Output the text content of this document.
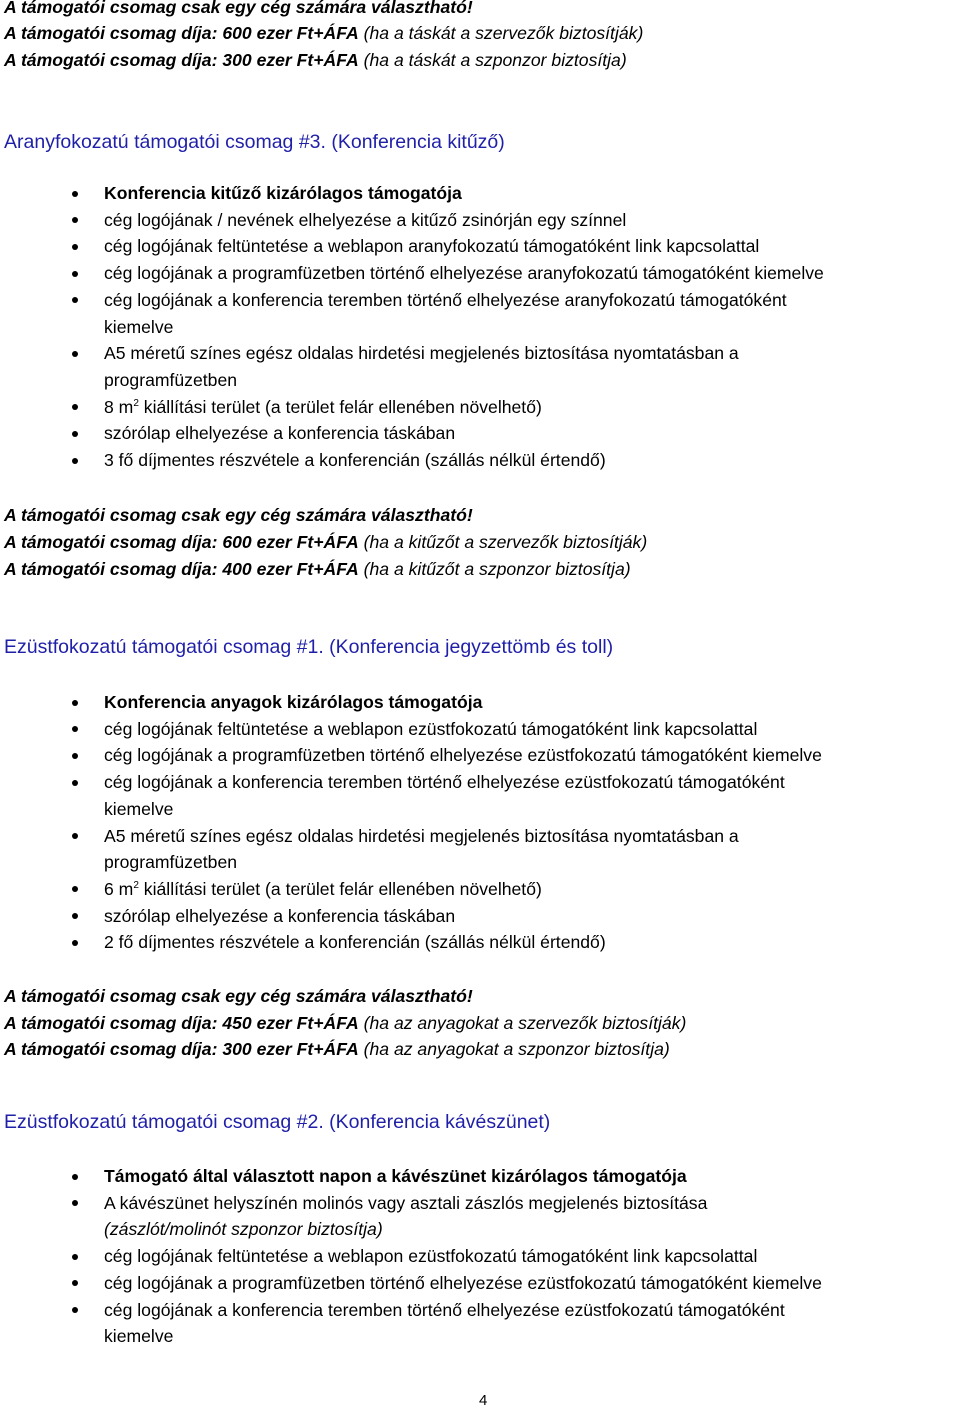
A támogatói csomag csak egy cég számára választható!
A támogatói csomag díja: 600 ezer Ft+ÁFA (ha a táskát a szervezők biztosítják)
A támogatói csomag díja: 300 ezer Ft+ÁFA (ha a táskát a szponzor biztosítja)
Aranyfokozatú támogatói csomag #3. (Konferencia kitűző)
Konferencia kitűző kizárólagos támogatója
cég logójának / nevének elhelyezése a kitűző zsinórján egy színnel
cég logójának feltüntetése a weblapon aranyfokozatú támogatóként link kapcsolattal
cég logójának a programfüzetben történő elhelyezése aranyfokozatú támogatóként kiemelve
cég logójának a konferencia teremben történő elhelyezése aranyfokozatú támogatóként
kiemelve
A5 méretű színes egész oldalas hirdetési megjelenés biztosítása nyomtatásban a
programfüzetben
8 $m^2$ kiállítási terület (a terület felár ellenében növelhető)
szórólap elhelyezése a konferencia táskában
3 fő díjmentes részvétele a konferencián (szállás nélkül értendő)
A támogatói csomag csak egy cég számára választható!
A támogatói csomag díja: 600 ezer Ft+ÁFA (ha a kitűzőt a szervezők biztosítják)
A támogatói csomag díja: 400 ezer Ft+ÁFA (ha a kitűzőt a szponzor biztosítja)
Ezüstfokozatú támogatói csomag #1. (Konferencia jegyzettömb és toll)
Konferencia anyagok kizárólagos támogatója
cég logójának feltüntetése a weblapon ezüstfokozatú támogatóként link kapcsolattal
cég logójának a programfüzetben történő elhelyezése ezüstfokozatú támogatóként kiemelve
cég logójának a konferencia teremben történő elhelyezése ezüstfokozatú támogatóként
kiemelve
A5 méretű színes egész oldalas hirdetési megjelenés biztosítása nyomtatásban a
programfüzetben
6 $m^2$ kiállítási terület (a terület felár ellenében növelhető)
szórólap elhelyezése a konferencia táskában
2 fő díjmentes részvétele a konferencián (szállás nélkül értendő)
A támogatói csomag csak egy cég számára választható!
A támogatói csomag díja: 450 ezer Ft+ÁFA (ha az anyagokat a szervezők biztosítják)
A támogatói csomag díja: 300 ezer Ft+ÁFA (ha az anyagokat a szponzor biztosítja)
Ezüstfokozatú támogatói csomag #2. (Konferencia kávészünet)
Támogató által választott napon a kávészünet kizárólagos támogatója
A kávészünet helyszínén molinós vagy asztali zászlós megjelenés biztosítása
(zászlót/molinót szponzor biztosítja)
cég logójának feltüntetése a weblapon ezüstfokozatú támogatóként link kapcsolattal
cég logójának a programfüzetben történő elhelyezése ezüstfokozatú támogatóként kiemelve
cég logójának a konferencia teremben történő elhelyezése ezüstfokozatú támogatóként
kiemelve
4
